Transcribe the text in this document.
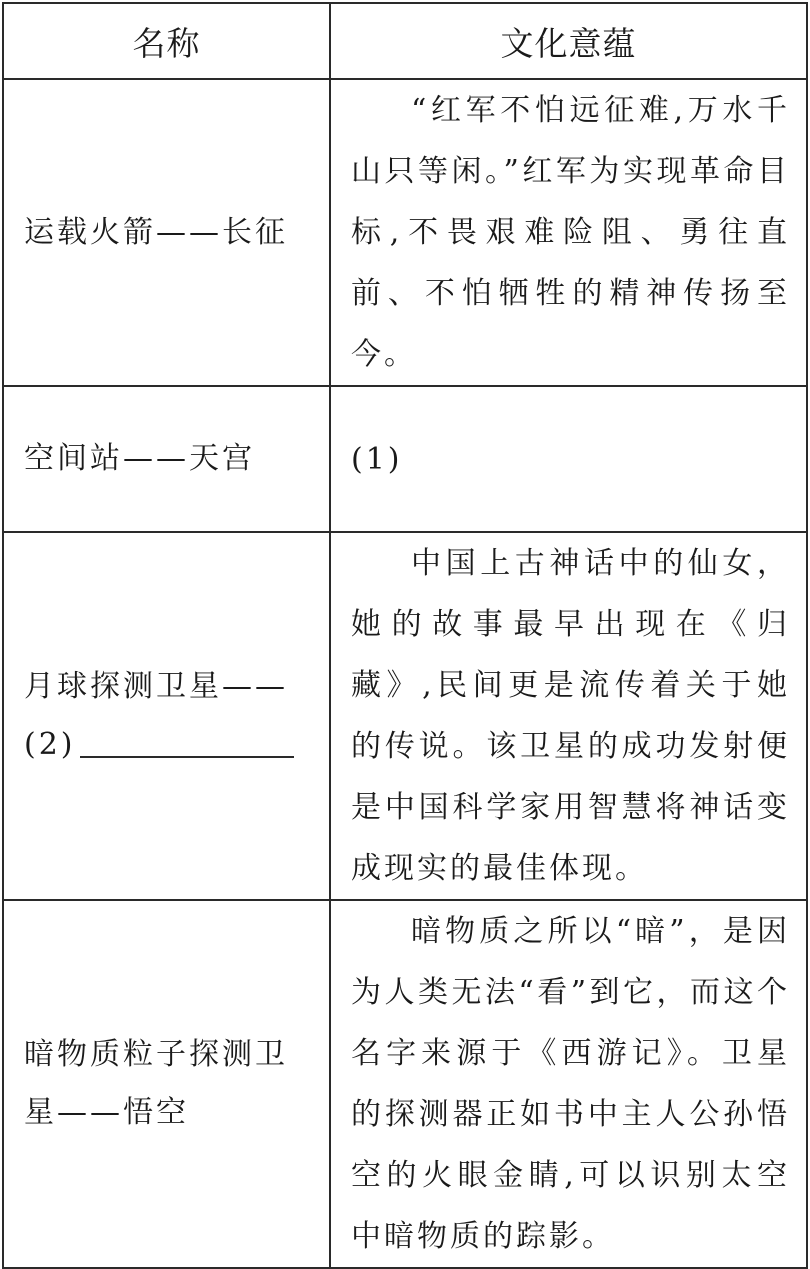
名称	文化意蕴
运载火箭——长征	“红军不怕远征难,万水千山只等闲。”红军为实现革命目标,不畏艰难险阻、勇往直前、不怕牺牲的精神传扬至今。

空间站——天宫	(1)
月球探测卫星——
(2)	中国上古神话中的仙女，她的故事最早出现在《归藏》,民间更是流传着关于她的传说。该卫星的成功发射便是中国科学家用智慧将神话变成现实的最佳体现。

暗物质粒子探测卫星——悟空	暗物质之所以“暗”，是因为人类无法“看”到它，而这个名字来源于《西游记》。卫星的探测器正如书中主人公孙悟空的火眼金睛,可以识别太空中暗物质的踪影。
